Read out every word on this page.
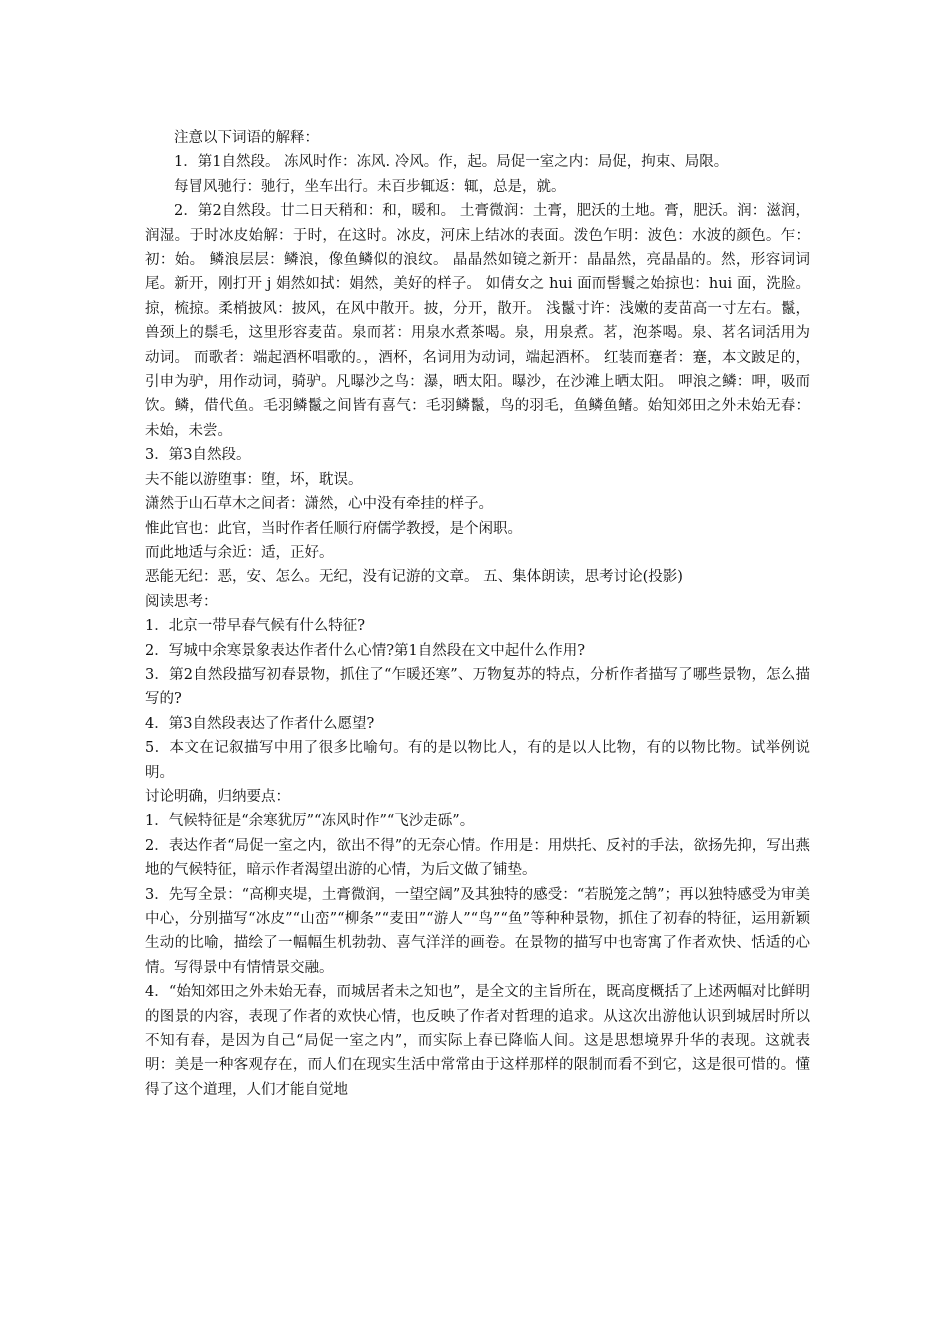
注意以下词语的解释：

1．第1自然段。 冻风时作：冻风. 冷风。作，起。局促一室之内：局促，拘束、局限。

每冒风驰行：驰行，坐车出行。未百步辄返：辄，总是，就。

2．第2自然段。廿二日天稍和：和，暖和。 土膏微润：土膏，肥沃的土地。膏，肥沃。润：滋润，润湿。于时冰皮始解：于时，在这时。冰皮，河床上结冰的表面。泼色乍明：波色：水波的颜色。乍：初：始。 鳞浪层层：鳞浪，像鱼鳞似的浪纹。 晶晶然如镜之新开：晶晶然，亮晶晶的。然，形容词词尾。新开，刚打开 j 娟然如拭：娟然，美好的样子。 如倩女之 hui 面而髻鬟之始掠也：hui 面，洗脸。掠，梳掠。柔梢披风：披风，在风中散开。披，分开，散开。 浅鬣寸许：浅嫩的麦苗高一寸左右。鬣，兽颈上的鬃毛，这里形容麦苗。泉而茗：用泉水煮茶喝。泉，用泉煮。茗，泡茶喝。泉、茗名词活用为动词。 而歌者：端起酒杯唱歌的。，酒杯，名词用为动词，端起酒杯。 红装而蹇者：蹇，本文跛足的，引申为驴，用作动词，骑驴。凡曝沙之鸟：瀑，晒太阳。曝沙，在沙滩上晒太阳。 呷浪之鳞：呷，吸而饮。鳞，借代鱼。毛羽鳞鬣之间皆有喜气：毛羽鳞鬣，鸟的羽毛，鱼鳞鱼鳍。始知郊田之外未始无春：未始，未尝。

3．第3自然段。

夫不能以游堕事：堕，坏，耽误。

潇然于山石草木之间者：潇然，心中没有牵挂的样子。

惟此官也：此官，当时作者任顺行府儒学教授，是个闲职。

而此地适与余近：适，正好。

恶能无纪：恶，安、怎么。无纪，没有记游的文章。 五、集体朗读，思考讨论(投影)

阅读思考：

1．北京一带早春气候有什么特征?

2．写城中余寒景象表达作者什么心情?第1自然段在文中起什么作用?

3．第2自然段描写初春景物，抓住了“乍暖还寒”、万物复苏的特点，分析作者描写了哪些景物，怎么描写的?

4．第3自然段表达了作者什么愿望?

5．本文在记叙描写中用了很多比喻句。有的是以物比人，有的是以人比物，有的以物比物。试举例说明。

讨论明确，归纳要点：

1．气候特征是“余寒犹厉”“冻风时作”“飞沙走砾”。

2．表达作者“局促一室之内，欲出不得”的无奈心情。作用是：用烘托、反衬的手法，欲扬先抑，写出燕地的气候特征，暗示作者渴望出游的心情，为后文做了铺垫。

3．先写全景：“高柳夹堤，土膏微润，一望空阔”及其独特的感受：“若脱笼之鹄”；再以独特感受为审美中心，分别描写“冰皮”“山峦”“柳条”“麦田”“游人”“鸟”“鱼”等种种景物，抓住了初春的特征，运用新颖生动的比喻，描绘了一幅幅生机勃勃、喜气洋洋的画卷。在景物的描写中也寄寓了作者欢快、恬适的心情。写得景中有情情景交融。

4．“始知郊田之外未始无春，而城居者未之知也”，是全文的主旨所在，既高度概括了上述两幅对比鲜明的图景的内容，表现了作者的欢快心情，也反映了作者对哲理的追求。从这次出游他认识到城居时所以不知有春，是因为自己“局促一室之内”，而实际上春已降临人间。这是思想境界升华的表现。这就表明：美是一种客观存在，而人们在现实生活中常常由于这样那样的限制而看不到它，这是很可惜的。懂得了这个道理，人们才能自觉地
